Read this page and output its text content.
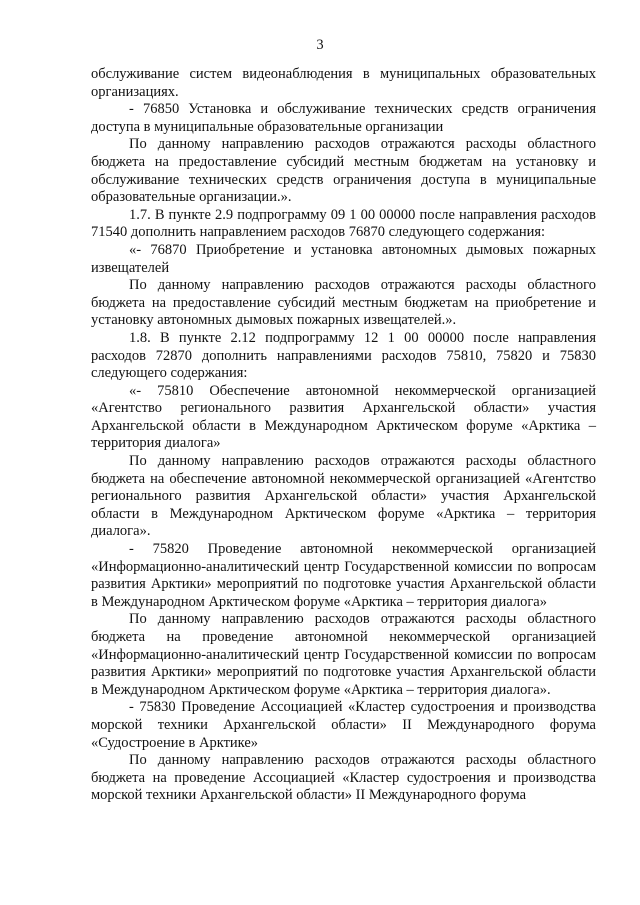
3

обслуживание систем видеонаблюдения в муниципальных образовательных организациях.

- 76850 Установка и обслуживание технических средств ограничения доступа в муниципальные образовательные организации

По данному направлению расходов отражаются расходы областного бюджета на предоставление субсидий местным бюджетам на установку и обслуживание технических средств ограничения доступа в муниципальные образовательные организации.».

1.7. В пункте 2.9 подпрограмму 09 1 00 00000 после направления расходов 71540 дополнить направлением расходов 76870 следующего содержания:

«- 76870 Приобретение и установка автономных дымовых пожарных извещателей

По данному направлению расходов отражаются расходы областного бюджета на предоставление субсидий местным бюджетам на приобретение и установку автономных дымовых пожарных извещателей.».

1.8. В пункте 2.12 подпрограмму 12 1 00 00000 после направления расходов 72870 дополнить направлениями расходов 75810, 75820 и 75830 следующего содержания:

«- 75810 Обеспечение автономной некоммерческой организацией «Агентство регионального развития Архангельской области» участия Архангельской области в Международном Арктическом форуме «Арктика – территория диалога»

По данному направлению расходов отражаются расходы областного бюджета на обеспечение автономной некоммерческой организацией «Агентство регионального развития Архангельской области» участия Архангельской области в Международном Арктическом форуме «Арктика – территория диалога».

- 75820 Проведение автономной некоммерческой организацией «Информационно-аналитический центр Государственной комиссии по вопросам развития Арктики» мероприятий по подготовке участия Архангельской области в Международном Арктическом форуме «Арктика – территория диалога»

По данному направлению расходов отражаются расходы областного бюджета на проведение автономной некоммерческой организацией «Информационно-аналитический центр Государственной комиссии по вопросам развития Арктики» мероприятий по подготовке участия Архангельской области в Международном Арктическом форуме «Арктика – территория диалога».

- 75830 Проведение Ассоциацией «Кластер судостроения и производства морской техники Архангельской области» II Международного форума «Судостроение в Арктике»

По данному направлению расходов отражаются расходы областного бюджета на проведение Ассоциацией «Кластер судостроения и производства морской техники Архангельской области» II Международного форума
